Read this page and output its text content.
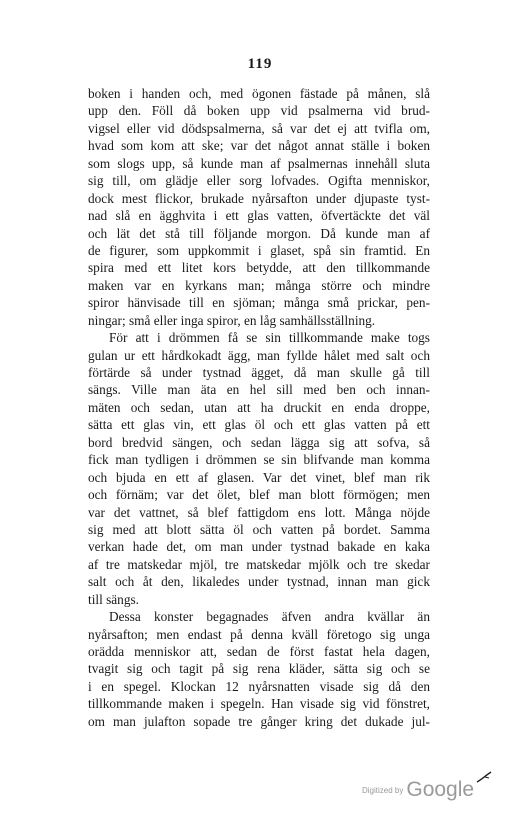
119
boken i handen och, med ögonen fästade på månen, slå
upp den. Föll då boken upp vid psalmerna vid brud-
vigsel eller vid dödspsalmerna, så var det ej att tvifla om,
hvad som kom att ske; var det något annat ställe i boken
som slogs upp, så kunde man af psalmernas innehåll sluta
sig till, om glädje eller sorg lofvades. Ogifta menniskor,
dock mest flickor, brukade nyårsafton under djupaste tyst-
nad slå en ägghvita i ett glas vatten, öfvertäckte det väl
och lät det stå till följande morgon. Då kunde man af
de figurer, som uppkommit i glaset, spå sin framtid. En
spira med ett litet kors betydde, att den tillkommande
maken var en kyrkans man; många större och mindre
spiror hänvisade till en sjöman; många små prickar, pen-
ningar; små eller inga spiror, en låg samhällsställning.
För att i drömmen få se sin tillkommande make togs
gulan ur ett hårdkokadt ägg, man fyllde hålet med salt och
förtärde så under tystnad ägget, då man skulle gå till
sängs. Ville man äta en hel sill med ben och innan-
mäten och sedan, utan att ha druckit en enda droppe,
sätta ett glas vin, ett glas öl och ett glas vatten på ett
bord bredvid sängen, och sedan lägga sig att sofva, så
fick man tydligen i drömmen se sin blifvande man komma
och bjuda en ett af glasen. Var det vinet, blef man rik
och förnäm; var det ölet, blef man blott förmögen; men
var det vattnet, så blef fattigdom ens lott. Många nöjde
sig med att blott sätta öl och vatten på bordet. Samma
verkan hade det, om man under tystnad bakade en kaka
af tre matskedar mjöl, tre matskedar mjölk och tre skedar
salt och åt den, likaledes under tystnad, innan man gick
till sängs.
Dessa konster begagnades äfven andra kvällar än
nyårsafton; men endast på denna kväll företogo sig unga
orädda menniskor att, sedan de först fastat hela dagen,
tvagit sig och tagit på sig rena kläder, sätta sig och se
i en spegel. Klockan 12 nyårsnatten visade sig då den
tillkommande maken i spegeln. Han visade sig vid fönstret,
om man julafton sopade tre gånger kring det dukade jul-
Digitized by Google
